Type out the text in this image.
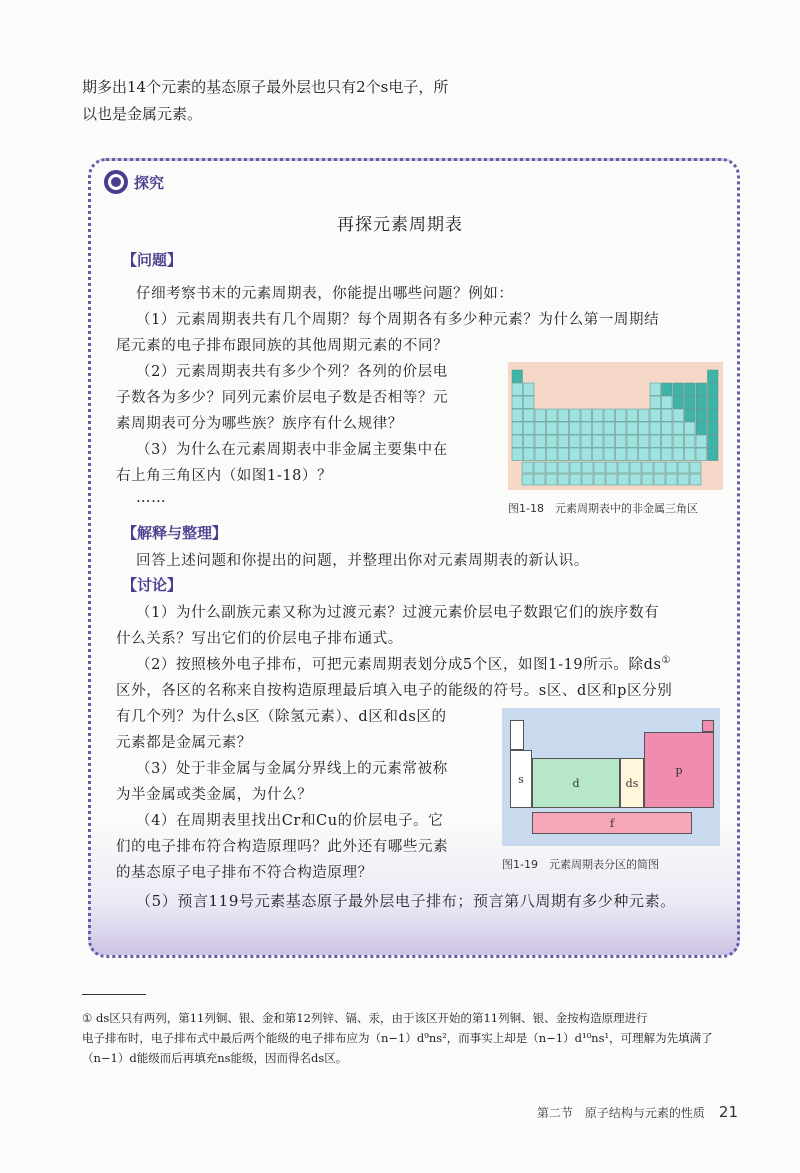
期多出14个元素的基态原子最外层也只有2个s电子，所

以也是金属元素。

探究
再探元素周期表
【问题】
仔细考察书末的元素周期表，你能提出哪些问题？例如：
（1）元素周期表共有几个周期？每个周期各有多少种元素？为什么第一周期结
尾元素的电子排布跟同族的其他周期元素的不同？
（2）元素周期表共有多少个列？各列的价层电
子数各为多少？同列元素价层电子数是否相等？元
素周期表可分为哪些族？族序有什么规律？
（3）为什么在元素周期表中非金属主要集中在
右上角三角区内（如图1-18）？
……
图1-18　元素周期表中的非金属三角区
【解释与整理】
回答上述问题和你提出的问题，并整理出你对元素周期表的新认识。
【讨论】
（1）为什么副族元素又称为过渡元素？过渡元素价层电子数跟它们的族序数有
什么关系？写出它们的价层电子排布通式。
（2）按照核外电子排布，可把元素周期表划分成5个区，如图1-19所示。除ds①
区外，各区的名称来自按构造原理最后填入电子的能级的符号。s区、d区和p区分别
有几个列？为什么s区（除氢元素）、d区和ds区的
元素都是金属元素？
（3）处于非金属与金属分界线上的元素常被称
为半金属或类金属，为什么？
（4）在周期表里找出Cr和Cu的价层电子。它
们的电子排布符合构造原理吗？此外还有哪些元素
的基态原子电子排布不符合构造原理？
（5）预言119号元素基态原子最外层电子排布；预言第八周期有多少种元素。
s	d	ds
p
f
图1-19　元素周期表分区的简图
① ds区只有两列，第11列铜、银、金和第12列锌、镉、汞，由于该区开始的第11列铜、银、金按构造原理进行
电子排布时，电子排布式中最后两个能级的电子排布应为（n−1）d⁹ns²，而事实上却是（n−1）d¹⁰ns¹，可理解为先填满了
（n−1）d能级而后再填充ns能级，因而得名ds区。
第二节　原子结构与元素的性质 21
